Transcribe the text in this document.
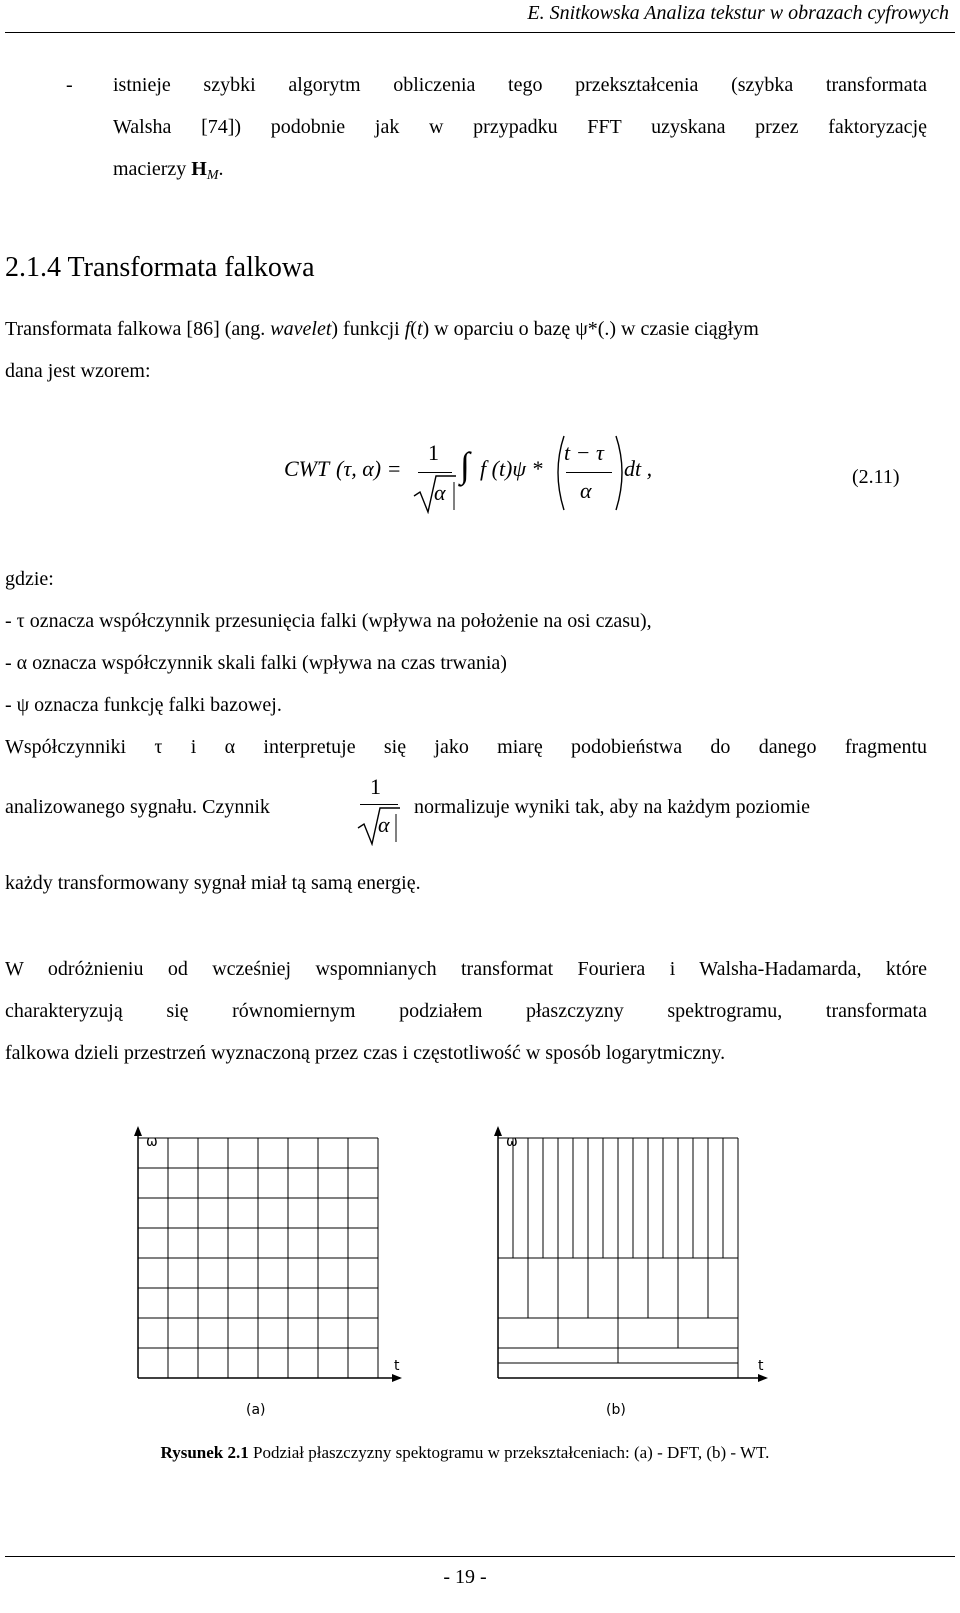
E. Snitkowska Analiza tekstur w obrazach cyfrowych
- istnieje szybki algorytm obliczenia tego przekształcenia (szybka transformata
Walsha [74]) podobnie jak w przypadku FFT uzyskana przez faktoryzację
macierzy $H_M$.
2.1.4 Transformata falkowa
Transformata falkowa [86] (ang. wavelet) funkcji f(t) w oparciu o bazę ψ*(.) w czasie ciągłym
dana jest wzorem:
CWT (τ, α) =
1
α
∫ f (t)ψ *
t − τ
α
dt ,	(2.11)
gdzie:
- τ oznacza współczynnik przesunięcia falki (wpływa na położenie na osi czasu),
- α oznacza współczynnik skali falki (wpływa na czas trwania)
- ψ oznacza funkcję falki bazowej.
Współczynniki τ i α interpretuje się jako miarę podobieństwa do danego fragmentu
analizowanego sygnału. Czynnik
1
α
normalizuje wyniki tak, aby na każdym poziomie
każdy transformowany sygnał miał tą samą energię.
W odróżnieniu od wcześniej wspomnianych transformat Fouriera i Walsha-Hadamarda, które
charakteryzują się równomiernym podziałem płaszczyzny spektrogramu, transformata
falkowa dzieli przestrzeń wyznaczoną przez czas i częstotliwość w sposób logarytmiczny.
ω
t
(a)
ω
t
(b)
Rysunek 2.1 Podział płaszczyzny spektogramu w przekształceniach: (a) - DFT, (b) - WT.
- 19 -
